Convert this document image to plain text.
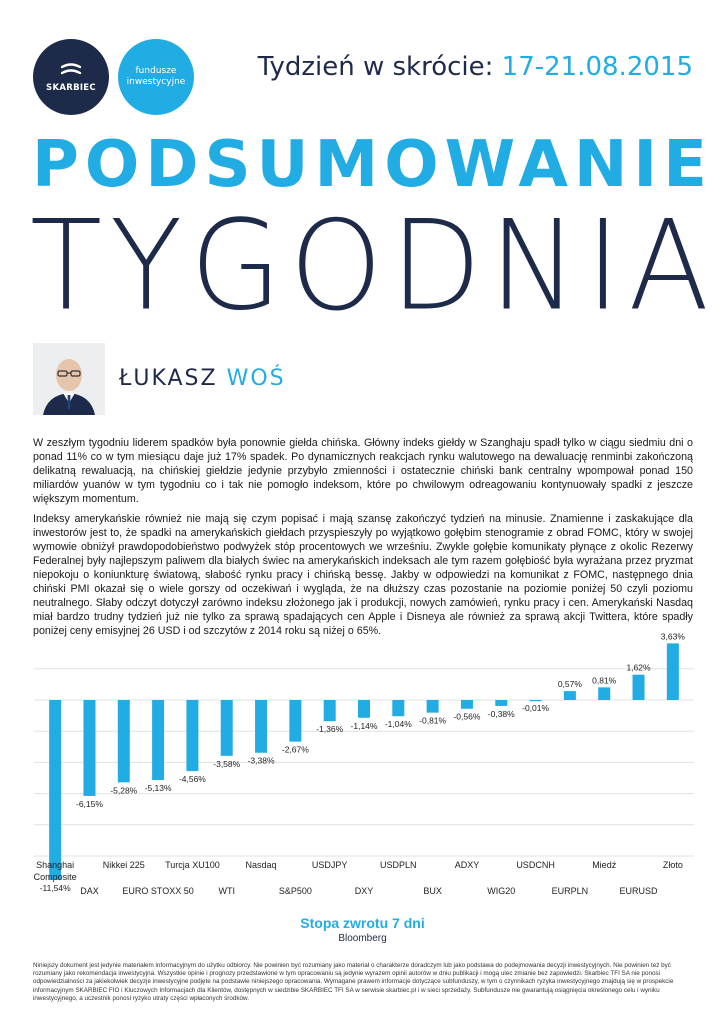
SKARBIEC
fundusze
inwestycyjne	Tydzień w skrócie: 17-21.08.2015
PODSUMOWANIE
TYGODNIA
ŁUKASZ WOŚ
W zeszłym tygodniu liderem spadków była ponownie giełda chińska. Główny indeks giełdy w Szanghaju spadł tylko w ciągu siedmiu dni o ponad 11% co w tym miesiącu daje już 17% spadek. Po dynamicznych reakcjach rynku walutowego na dewaluację renminbi zakończoną delikatną rewaluacją, na chińskiej giełdzie jedynie przybyło zmienności i ostatecznie chiński bank centralny wpompował ponad 150 miliardów yuanów w tym tygodniu co i tak nie pomogło indeksom, które po chwilowym odreagowaniu kontynuowały spadki z jeszcze większym momentum.
Indeksy amerykańskie również nie mają się czym popisać i mają szansę zakończyć tydzień na minusie. Znamienne i zaskakujące dla inwestorów jest to, że spadki na amerykańskich giełdach przyspieszyły po wyjątkowo gołębim stenogramie z obrad FOMC, który w swojej wymowie obniżył prawdopodobieństwo podwyżek stóp procentowych we wrześniu. Zwykle gołębie komunikaty płynące z okolic Rezerwy Federalnej były najlepszym paliwem dla białych świec na amerykańskich indeksach ale tym razem gołębiość była wyrażana przez pryzmat niepokoju o koniunkturę światową, słabość rynku pracy i chińską bessę. Jakby w odpowiedzi na komunikat z FOMC, następnego dnia chiński PMI okazał się o wiele gorszy od oczekiwań i wygląda, że na dłuższy czas pozostanie na poziomie poniżej 50 czyli poziomu neutralnego. Słaby odczyt dotyczył zarówno indeksu złożonego jak i produkcji, nowych zamówień, rynku pracy i cen. Amerykański Nasdaq miał bardzo trudny tydzień już nie tylko za sprawą spadających cen Apple i Disneya ale również za sprawą akcji Twittera, które spadły poniżej ceny emisyjnej 26 USD i od szczytów z 2014 roku są niżej o 65%.
-11,54%
Shanghai
Composite
-6,15%
DAX
-5,28%
Nikkei 225
-5,13%
EURO STOXX 50
-4,56%
Turcja XU100
-3,58%
WTI
-3,38%
Nasdaq
-2,67%
S&P500
-1,36%
USDJPY
-1,14%
DXY
-1,04%
USDPLN
-0,81%
BUX
-0,56%
ADXY
-0,38%
WIG20
-0,01%
USDCNH
0,57%
EURPLN
0,81%
Miedź
1,62%
EURUSD
3,63%
Złoto
Stopa zwrotu 7 dni
Bloomberg
Niniejszy dokument jest jedynie materiałem informacyjnym do użytku odbiorcy. Nie powinien być rozumiany jako materiał o charakterze doradczym lub jako podstawa do podejmowania decyzji inwestycyjnych. Nie powinien też być rozumiany jako rekomendacja inwestycyjna. Wszystkie opinie i prognozy przedstawione w tym opracowaniu są jedynie wyrazem opinii autorów w dniu publikacji i mogą ulec zmianie bez zapowiedzi. Skarbiec TFI SA nie ponosi odpowiedzialności za jakiekolwiek decyzje inwestycyjne podjęte na podstawie niniejszego opracowania. Wymagane prawem informacje dotyczące subfunduszy, w tym o czynnikach ryzyka inwestycyjnego znajdują się w prospekcie informacyjnym SKARBIEC FIO i Kluczowych Informacjach dla Klientów, dostępnych w siedzibie SKARBIEC TFI SA w serwisie skarbiec.pl i w sieci sprzedaży. Subfundusze nie gwarantują osiągnięcia określonego celu i wyniku inwestycyjnego, a uczestnik ponosi ryzyko utraty części wpłaconych środków.
